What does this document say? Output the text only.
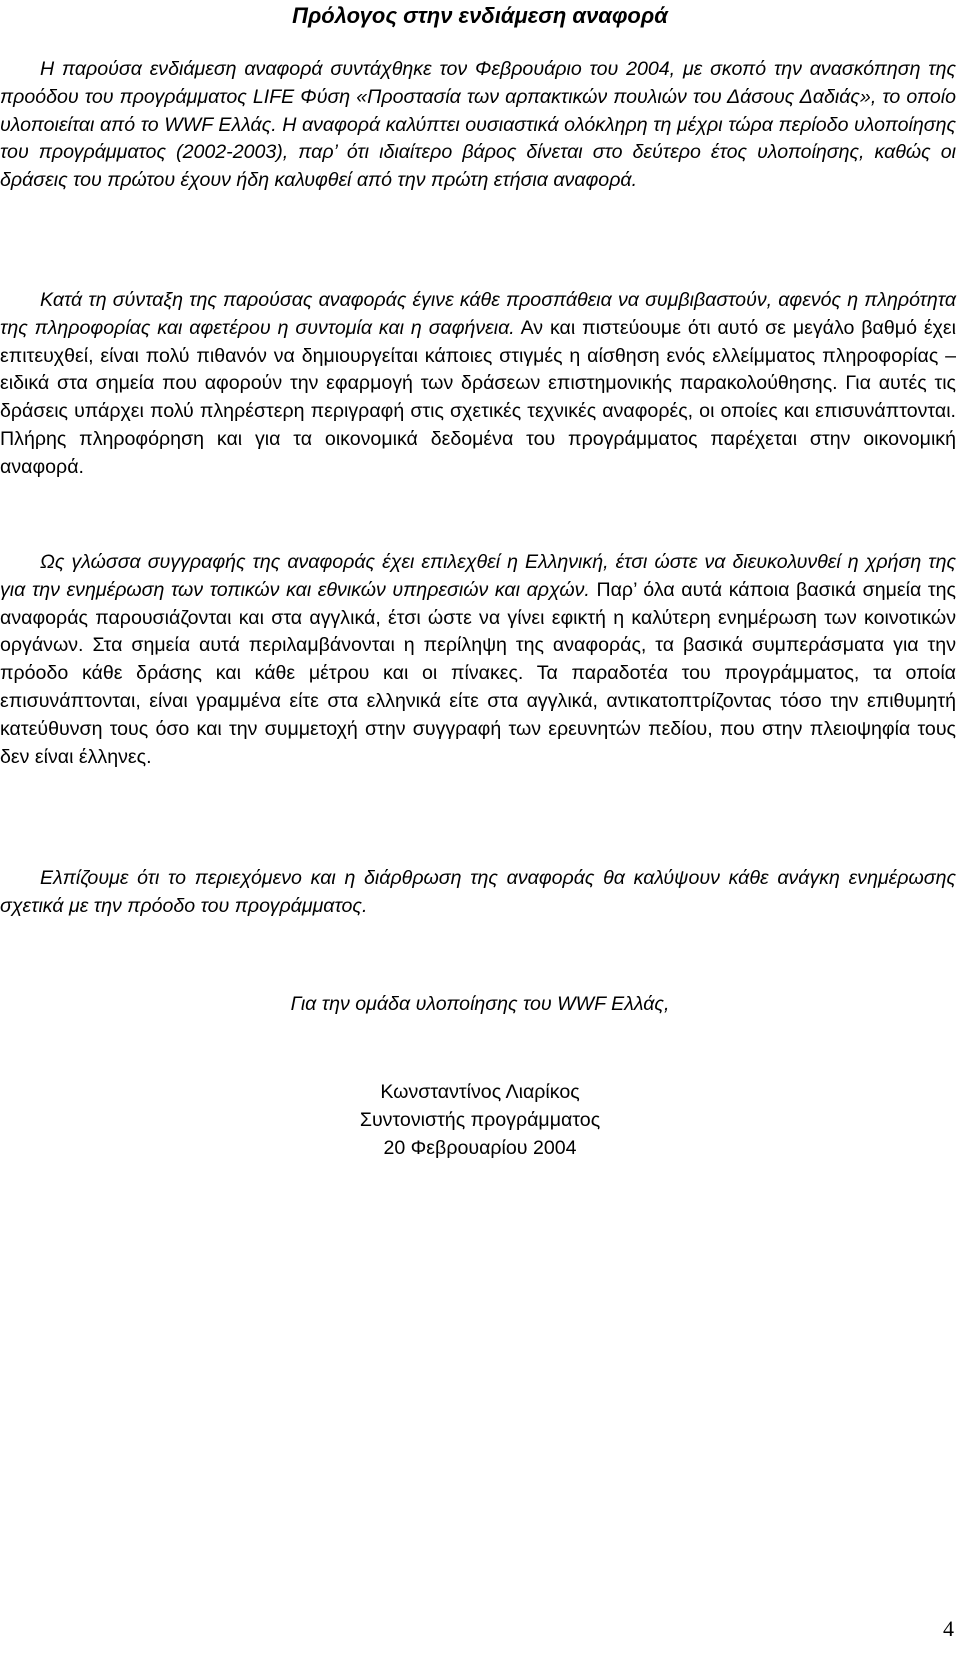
Πρόλογος στην ενδιάμεση αναφορά

Η παρούσα ενδιάμεση αναφορά συντάχθηκε τον Φεβρουάριο του 2004, με σκοπό την ανασκόπηση της προόδου του προγράμματος LIFE Φύση «Προστασία των αρπακτικών πουλιών του Δάσους Δαδιάς», το οποίο υλοποιείται από το WWF Ελλάς. Η αναφορά καλύπτει ουσιαστικά ολόκληρη τη μέχρι τώρα περίοδο υλοποίησης του προγράμματος (2002-2003), παρ’ ότι ιδιαίτερο βάρος δίνεται στο δεύτερο έτος υλοποίησης, καθώς οι δράσεις του πρώτου έχουν ήδη καλυφθεί από την πρώτη ετήσια αναφορά.

Κατά τη σύνταξη της παρούσας αναφοράς έγινε κάθε προσπάθεια να συμβιβαστούν, αφενός η πληρότητα της πληροφορίας και αφετέρου η συντομία και η σαφήνεια. Αν και πιστεύουμε ότι αυτό σε μεγάλο βαθμό έχει επιτευχθεί, είναι πολύ πιθανόν να δημιουργείται κάποιες στιγμές η αίσθηση ενός ελλείμματος πληροφορίας – ειδικά στα σημεία που αφορούν την εφαρμογή των δράσεων επιστημονικής παρακολούθησης. Για αυτές τις δράσεις υπάρχει πολύ πληρέστερη περιγραφή στις σχετικές τεχνικές αναφορές, οι οποίες και επισυνάπτονται. Πλήρης πληροφόρηση και για τα οικονομικά δεδομένα του προγράμματος παρέχεται στην οικονομική αναφορά.

Ως γλώσσα συγγραφής της αναφοράς έχει επιλεχθεί η Ελληνική, έτσι ώστε να διευκολυνθεί η χρήση της για την ενημέρωση των τοπικών και εθνικών υπηρεσιών και αρχών. Παρ’ όλα αυτά κάποια βασικά σημεία της αναφοράς παρουσιάζονται και στα αγγλικά, έτσι ώστε να γίνει εφικτή η καλύτερη ενημέρωση των κοινοτικών οργάνων. Στα σημεία αυτά περιλαμβάνονται η περίληψη της αναφοράς, τα βασικά συμπεράσματα για την πρόοδο κάθε δράσης και κάθε μέτρου και οι πίνακες. Τα παραδοτέα του προγράμματος, τα οποία επισυνάπτονται, είναι γραμμένα είτε στα ελληνικά είτε στα αγγλικά, αντικατοπτρίζοντας τόσο την επιθυμητή κατεύθυνση τους όσο και την συμμετοχή στην συγγραφή των ερευνητών πεδίου, που στην πλειοψηφία τους δεν είναι έλληνες.

Ελπίζουμε ότι το περιεχόμενο και η διάρθρωση της αναφοράς θα καλύψουν κάθε ανάγκη ενημέρωσης σχετικά με την πρόοδο του προγράμματος.

Για την ομάδα υλοποίησης του WWF Ελλάς,

Κωνσταντίνος Λιαρίκος
Συντονιστής προγράμματος
20 Φεβρουαρίου 2004
4
